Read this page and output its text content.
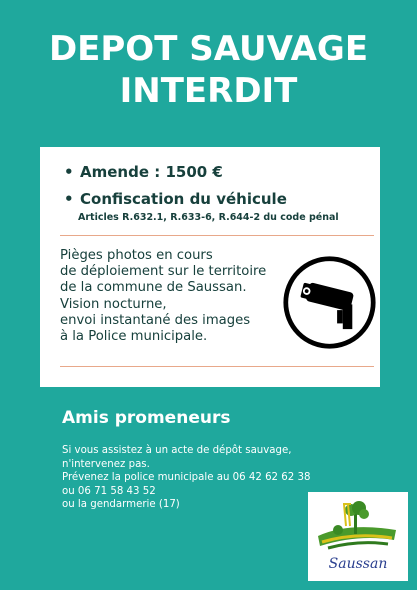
DEPOT SAUVAGE
INTERDIT
• Amende : 1500 €
• Confiscation du véhicule
Articles R.632.1, R.633-6, R.644-2 du code pénal
Pièges photos en cours
de déploiement sur le territoire
de la commune de Saussan.
Vision nocturne,
envoi instantané des images
à la Police municipale.
Amis promeneurs
Si vous assistez à un acte de dépôt sauvage,
n'intervenez pas.
Prévenez la police municipale au 06 42 62 62 38
ou 06 71 58 43 52
ou la gendarmerie (17)
Saussan
